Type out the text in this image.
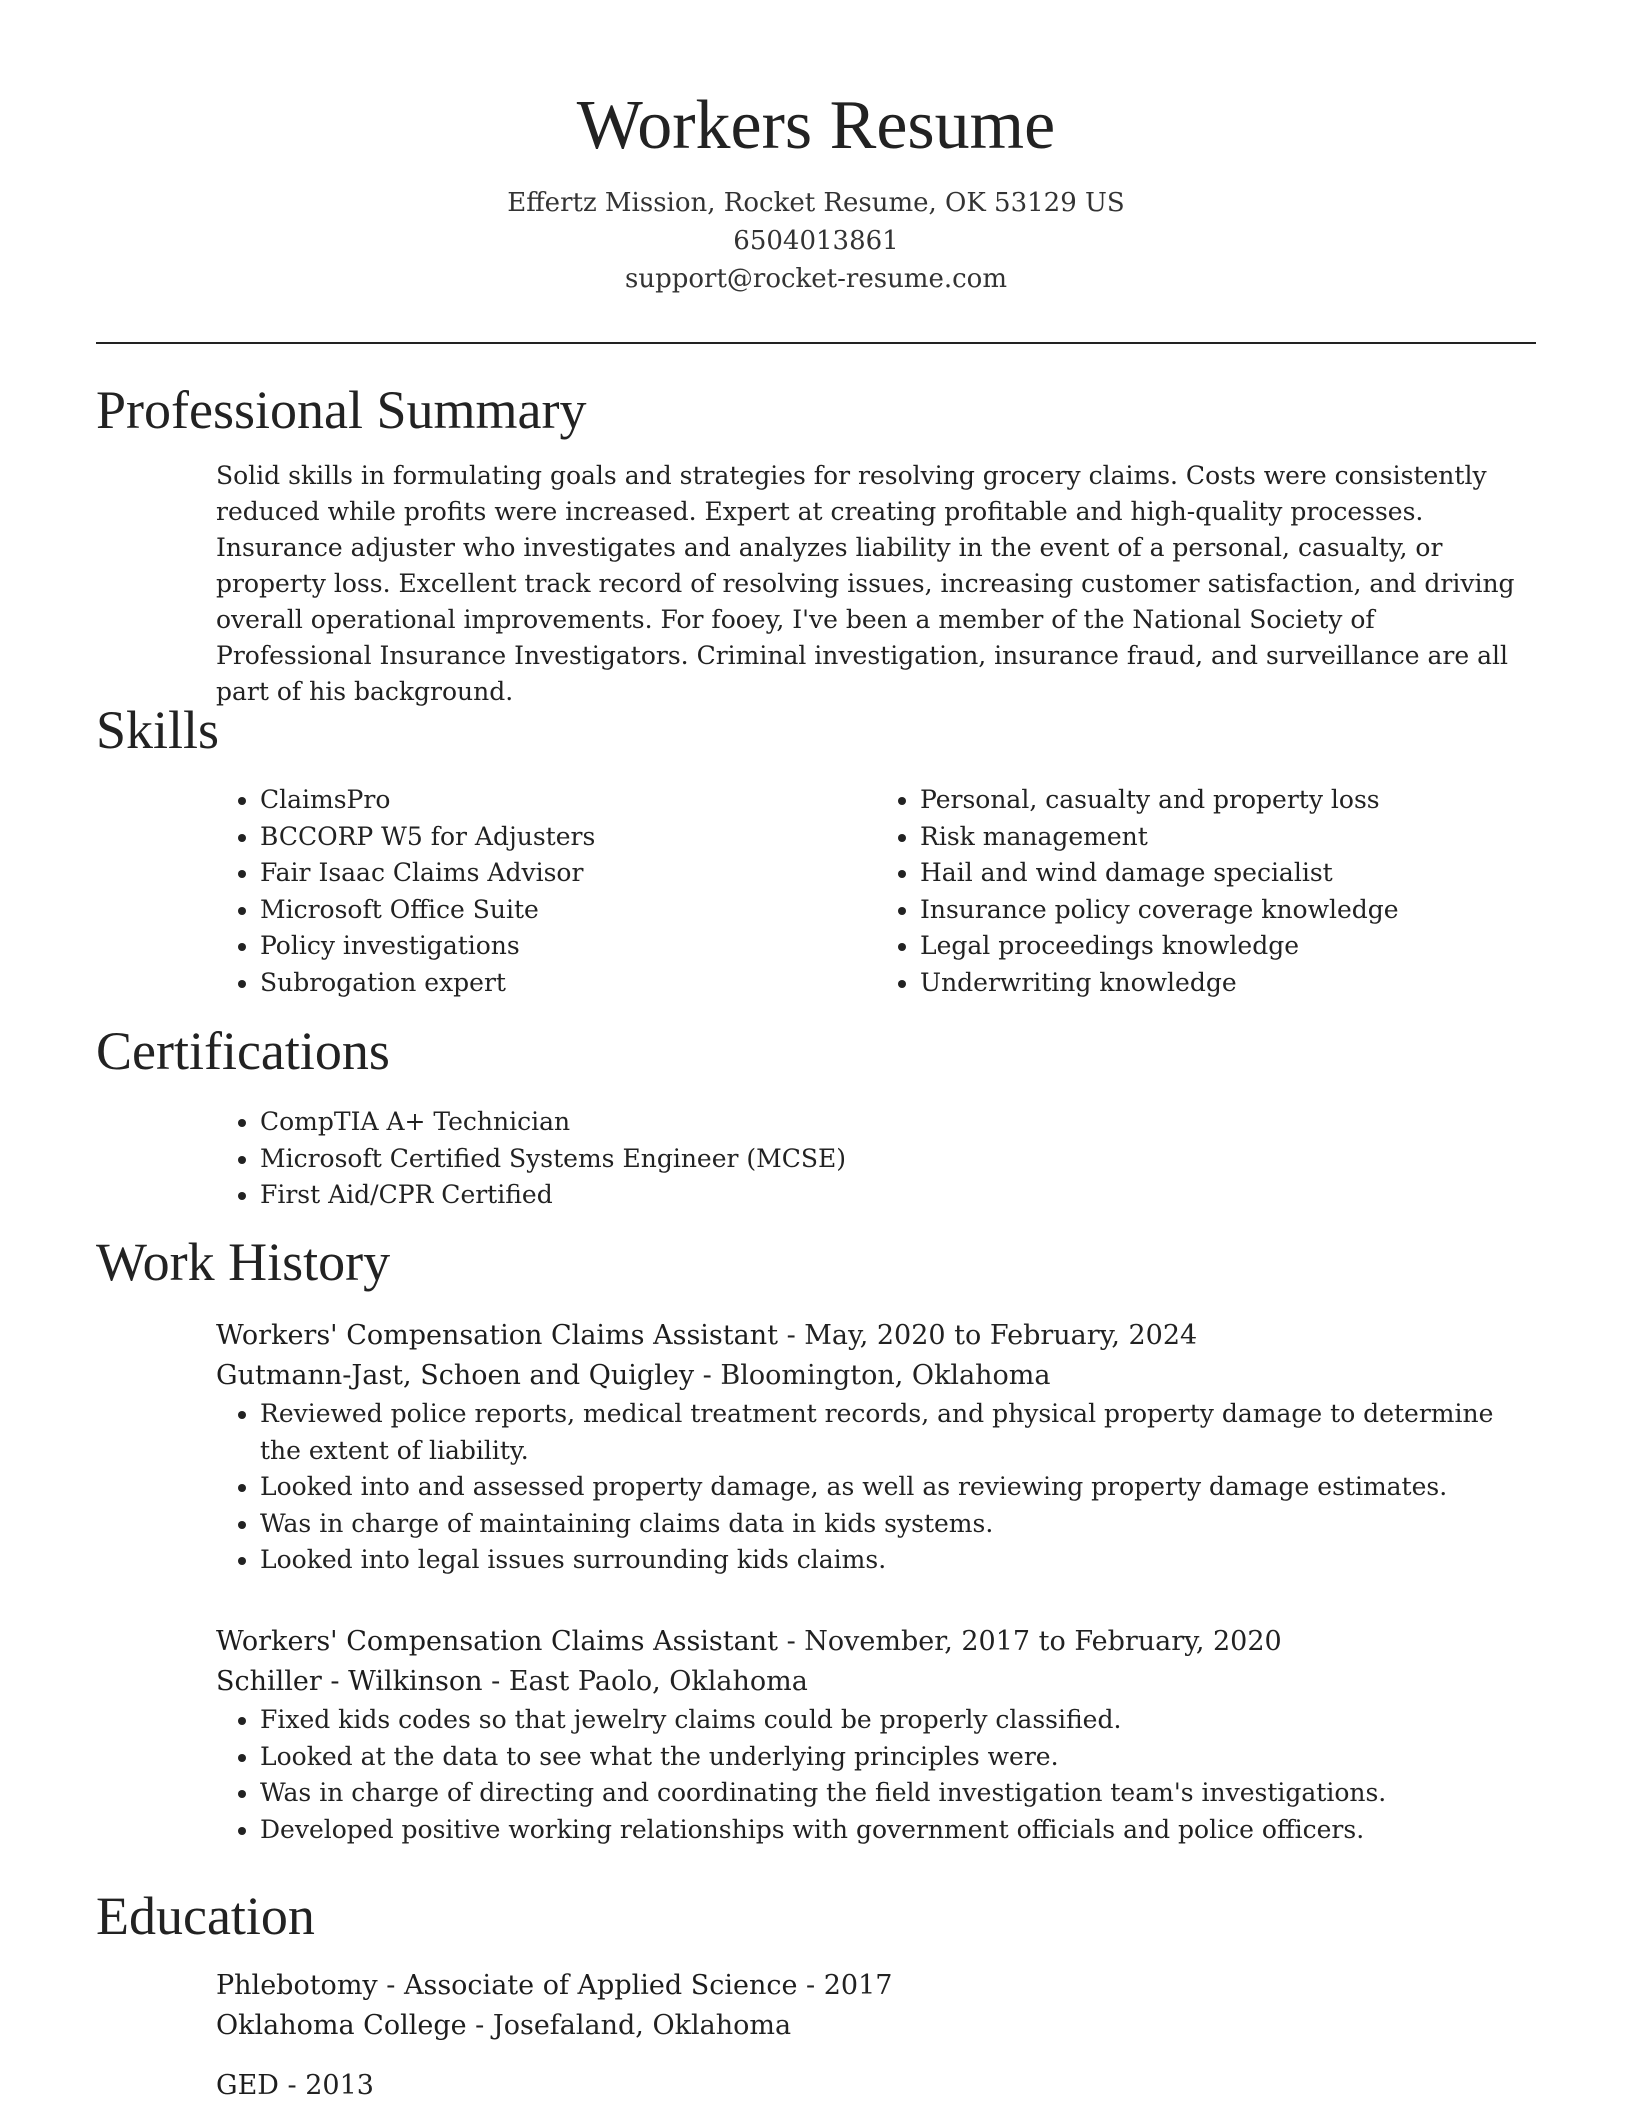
Workers Resume
Effertz Mission, Rocket Resume, OK 53129 US
6504013861
support@rocket-resume.com
Professional Summary

Solid skills in formulating goals and strategies for resolving grocery claims. Costs were consistently reduced while profits were increased. Expert at creating profitable and high-quality processes. Insurance adjuster who investigates and analyzes liability in the event of a personal, casualty, or property loss. Excellent track record of resolving issues, increasing customer satisfaction, and driving overall operational improvements. For fooey, I've been a member of the National Society of Professional Insurance Investigators. Criminal investigation, insurance fraud, and surveillance are all part of his background.

Skills
• ClaimsPro
• BCCORP W5 for Adjusters
• Fair Isaac Claims Advisor
• Microsoft Office Suite
• Policy investigations
• Subrogation expert
• Personal, casualty and property loss
• Risk management
• Hail and wind damage specialist
• Insurance policy coverage knowledge
• Legal proceedings knowledge
• Underwriting knowledge
Certifications
• CompTIA A+ Technician
• Microsoft Certified Systems Engineer (MCSE)
• First Aid/CPR Certified
Work History

Workers' Compensation Claims Assistant - May, 2020 to February, 2024

Gutmann-Jast, Schoen and Quigley - Bloomington, Oklahoma

• Reviewed police reports, medical treatment records, and physical property damage to determine the extent of liability.
• Looked into and assessed property damage, as well as reviewing property damage estimates.
• Was in charge of maintaining claims data in kids systems.
• Looked into legal issues surrounding kids claims.

Workers' Compensation Claims Assistant - November, 2017 to February, 2020

Schiller - Wilkinson - East Paolo, Oklahoma

• Fixed kids codes so that jewelry claims could be properly classified.
• Looked at the data to see what the underlying principles were.
• Was in charge of directing and coordinating the field investigation team's investigations.
• Developed positive working relationships with government officials and police officers.
Education

Phlebotomy - Associate of Applied Science - 2017

Oklahoma College - Josefaland, Oklahoma

GED - 2013
